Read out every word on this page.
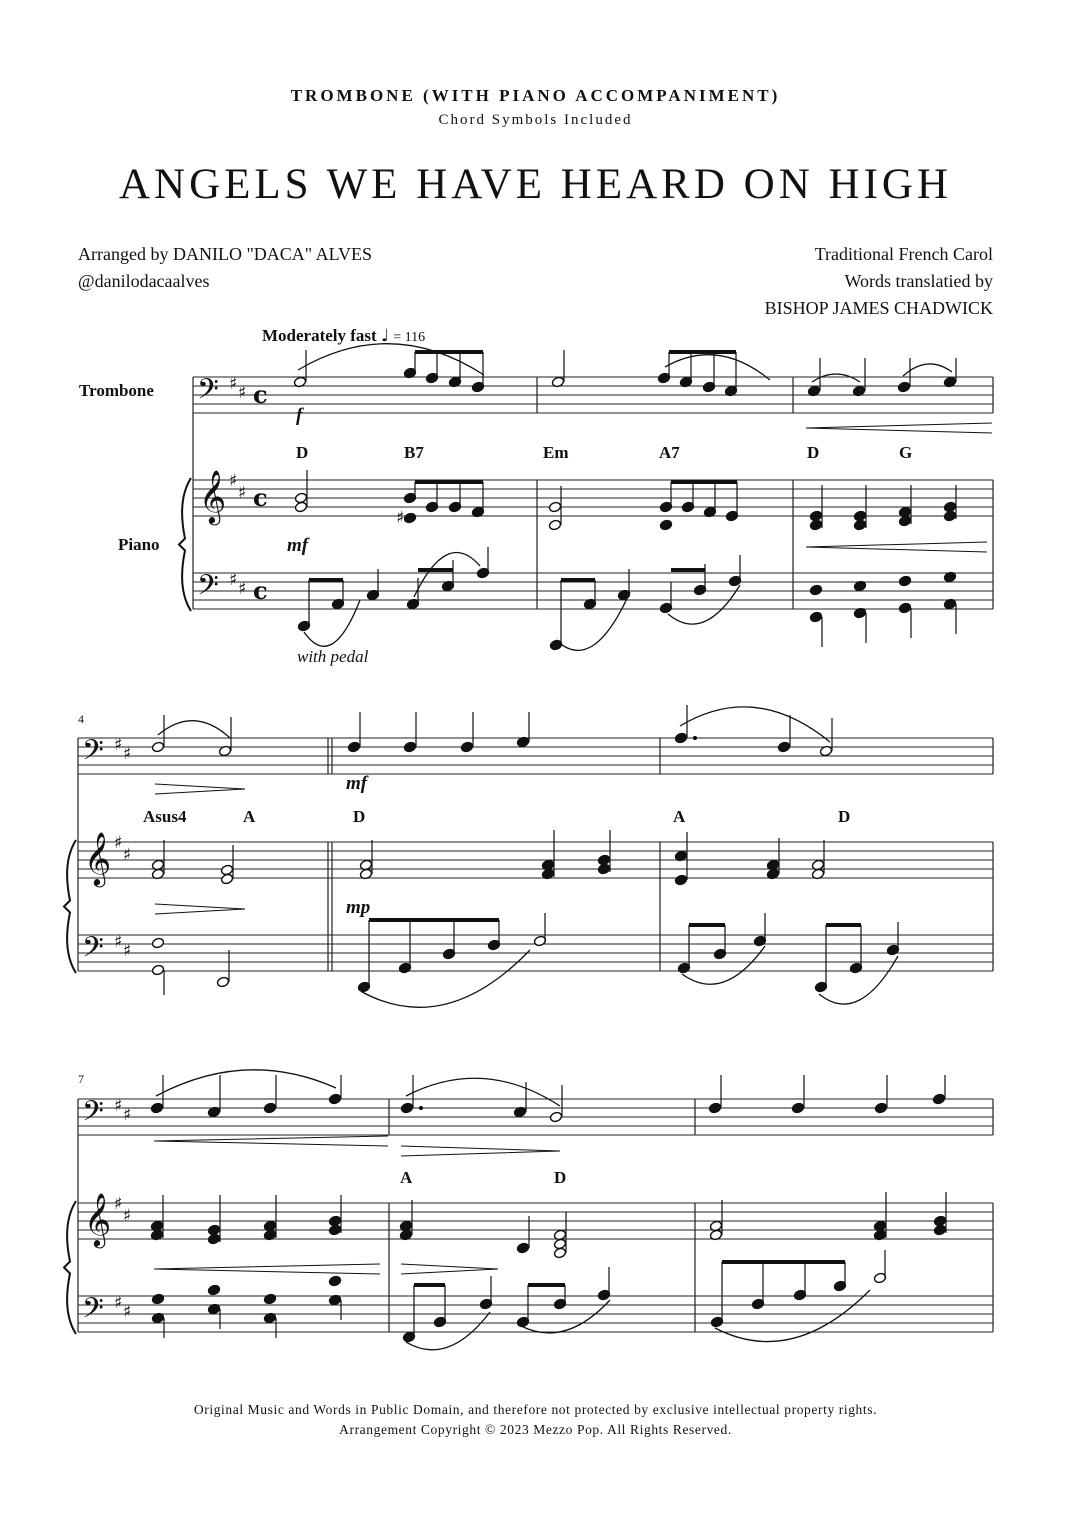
TROMBONE (WITH PIANO ACCOMPANIMENT)
Chord Symbols Included
ANGELS WE HAVE HEARD ON HIGH
Arranged by DANILO "DACA" ALVES
@danilodacaalves
Traditional French Carol
Words translatied by
BISHOP JAMES CHADWICK
Moderately fast ♩ = 116
Trombone
Piano
D	B7	Em	A7	D	G
f
mf
with pedal
4
Asus4	A	D	A	D
mf
mp
7
A	D
Original Music and Words in Public Domain, and therefore not protected by exclusive intellectual property rights.
Arrangement Copyright © 2023 Mezzo Pop. All Rights Reserved.
𝄢
𝄞
𝄢
♯ ♯
♯
♯
♯ ♯
c
c
c
𝄢
𝄞
𝄢
♯ ♯
♯
♯
♯ ♯
𝄢
𝄞
𝄢
♯ ♯
♯
♯
♯ ♯
♯
